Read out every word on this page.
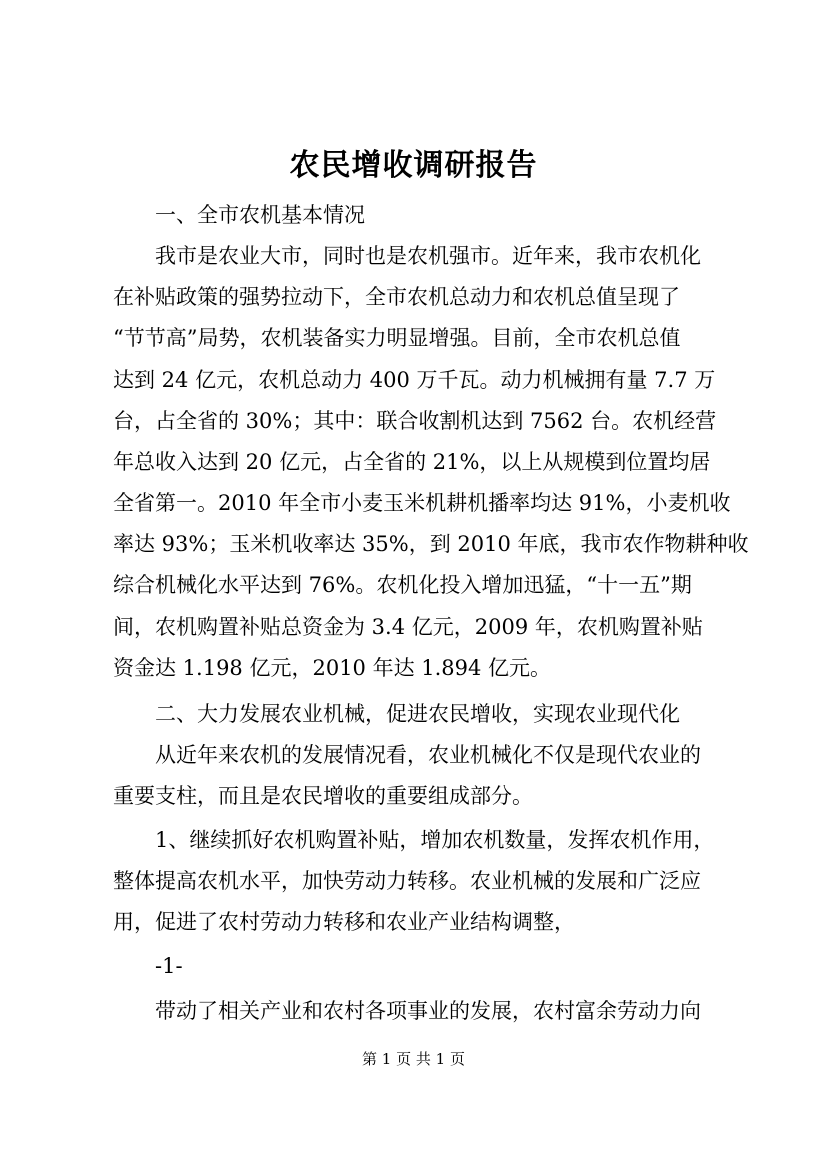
农民增收调研报告
一、全市农机基本情况
我市是农业大市，同时也是农机强市。近年来，我市农机化
在补贴政策的强势拉动下，全市农机总动力和农机总值呈现了
“节节高”局势，农机装备实力明显增强。目前，全市农机总值
达到 24 亿元，农机总动力 400 万千瓦。动力机械拥有量 7.7 万
台，占全省的 30%；其中：联合收割机达到 7562 台。农机经营
年总收入达到 20 亿元，占全省的 21%，以上从规模到位置均居
全省第一。2010 年全市小麦玉米机耕机播率均达 91%，小麦机收
率达 93%；玉米机收率达 35%，到 2010 年底，我市农作物耕种收
综合机械化水平达到 76%。农机化投入增加迅猛，“十一五”期
间，农机购置补贴总资金为 3.4 亿元，2009 年，农机购置补贴
资金达 1.198 亿元，2010 年达 1.894 亿元。
二、大力发展农业机械，促进农民增收，实现农业现代化
从近年来农机的发展情况看，农业机械化不仅是现代农业的
重要支柱，而且是农民增收的重要组成部分。
1、继续抓好农机购置补贴，增加农机数量，发挥农机作用，
整体提高农机水平，加快劳动力转移。农业机械的发展和广泛应
用，促进了农村劳动力转移和农业产业结构调整，
-1-
带动了相关产业和农村各项事业的发展，农村富余劳动力向
第 1 页 共 1 页
